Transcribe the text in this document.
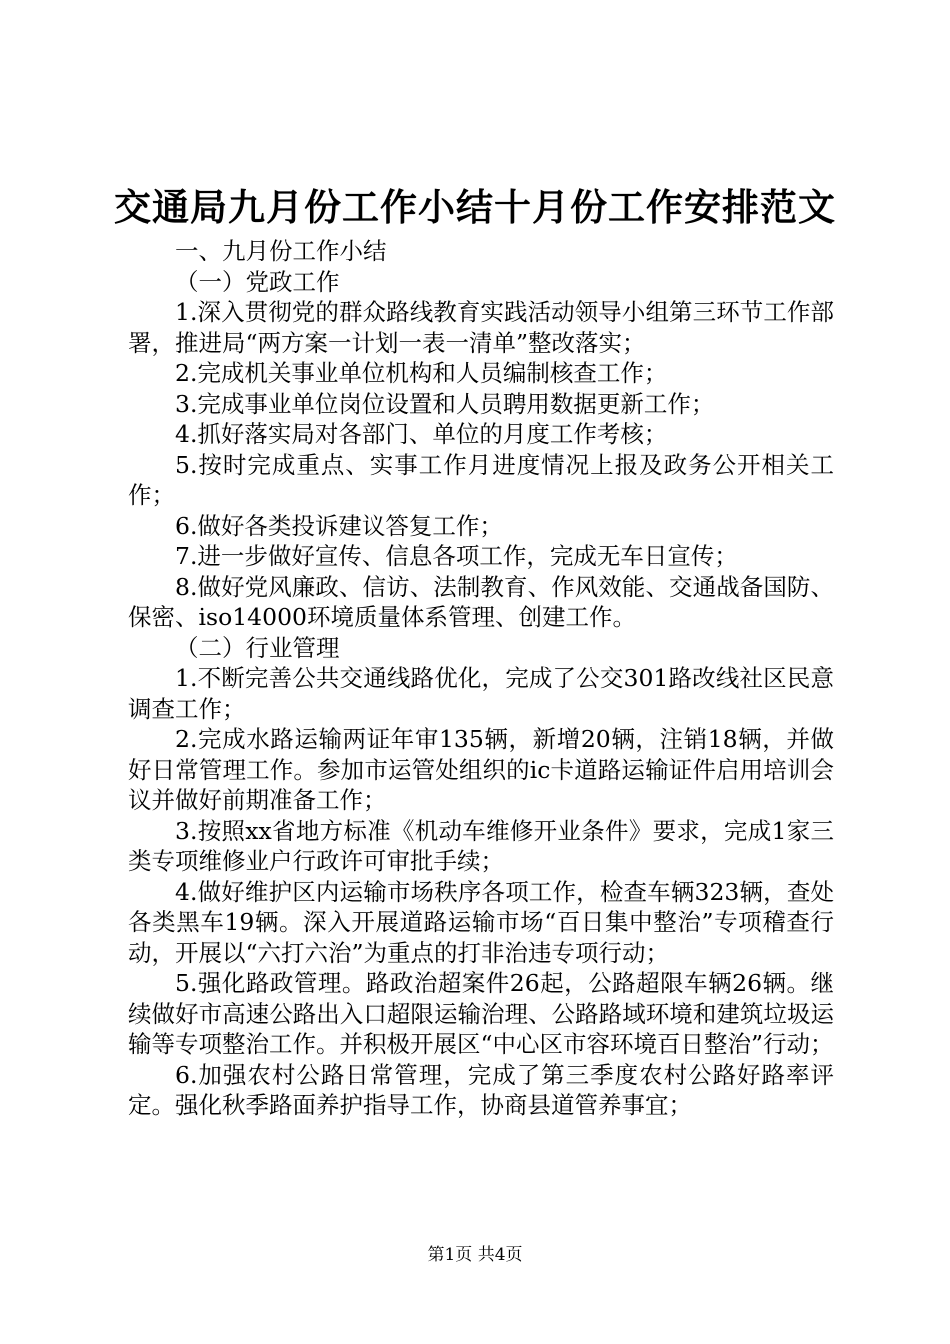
交通局九月份工作小结十月份工作安排范文

一、九月份工作小结

（一）党政工作

1.深入贯彻党的群众路线教育实践活动领导小组第三环节工作部署，推进局“两方案一计划一表一清单”整改落实；

2.完成机关事业单位机构和人员编制核查工作；

3.完成事业单位岗位设置和人员聘用数据更新工作；

4.抓好落实局对各部门、单位的月度工作考核；

5.按时完成重点、实事工作月进度情况上报及政务公开相关工作；

6.做好各类投诉建议答复工作；

7.进一步做好宣传、信息各项工作，完成无车日宣传；

8.做好党风廉政、信访、法制教育、作风效能、交通战备国防、保密、iso14000环境质量体系管理、创建工作。

（二）行业管理

1.不断完善公共交通线路优化，完成了公交301路改线社区民意调查工作；

2.完成水路运输两证年审135辆，新增20辆，注销18辆，并做好日常管理工作。参加市运管处组织的ic卡道路运输证件启用培训会议并做好前期准备工作；

3.按照xx省地方标准《机动车维修开业条件》要求，完成1家三类专项维修业户行政许可审批手续；

4.做好维护区内运输市场秩序各项工作，检查车辆323辆，查处各类黑车19辆。深入开展道路运输市场“百日集中整治”专项稽查行动，开展以“六打六治”为重点的打非治违专项行动；

5.强化路政管理。路政治超案件26起，公路超限车辆26辆。继续做好市高速公路出入口超限运输治理、公路路域环境和建筑垃圾运输等专项整治工作。并积极开展区“中心区市容环境百日整治”行动；

6.加强农村公路日常管理，完成了第三季度农村公路好路率评定。强化秋季路面养护指导工作，协商县道管养事宜；

第1页 共4页
